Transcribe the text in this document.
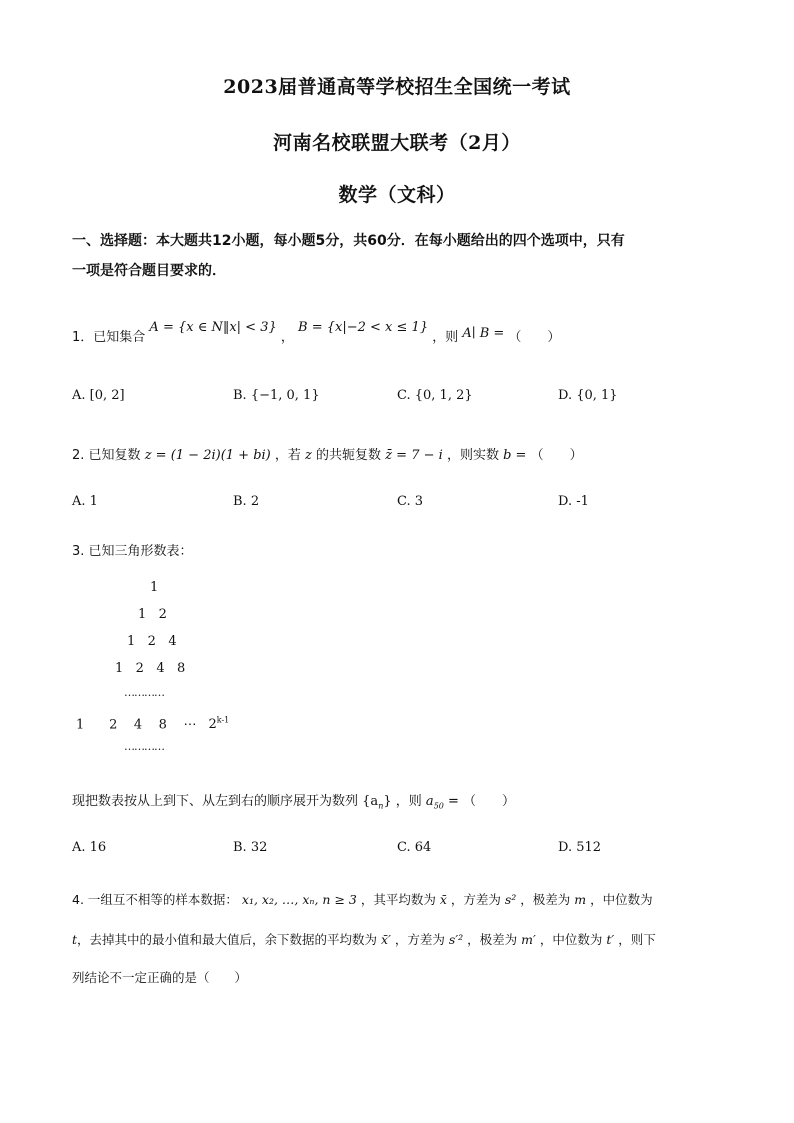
2023届普通高等学校招生全国统一考试
河南名校联盟大联考（2月）
数学（文科）
一、选择题：本大题共12小题，每小题5分，共60分．在每小题给出的四个选项中，只有
一项是符合题目要求的．
1．已知集合 A = {x ∈ N‖x| < 3} ， B = {x|−2 < x ≤ 1} ，则 A∣ B = （　　）
A. [0, 2]	B. {−1, 0, 1}	C. {0, 1, 2}	D. {0, 1}
2. 已知复数 z = (1 − 2i)(1 + bi) ，若 z 的共轭复数 z̄ = 7 − i ，则实数 b = （　　）
A. 1	B. 2	C. 3	D. -1
3. 已知三角形数表：
1
1   2
1   2   4
1   2   4   8
…………
1      2    4    8    ⋯ 2$^{k-1}$
…………
现把数表按从上到下、从左到右的顺序展开为数列 $\{a_n\}$ ，则 $a_{50}$ = （　　）
A. 16	B. 32	C. 64	D. 512
4. 一组互不相等的样本数据： x₁, x₂, …, xₙ, n ≥ 3 ，其平均数为 x̄ ，方差为 s² ，极差为 m ，中位数为
t，去掉其中的最小值和最大值后，余下数据的平均数为 x̄′ ，方差为 s′² ，极差为 m′ ，中位数为 t′ ，则下
列结论不一定正确的是（　　）
